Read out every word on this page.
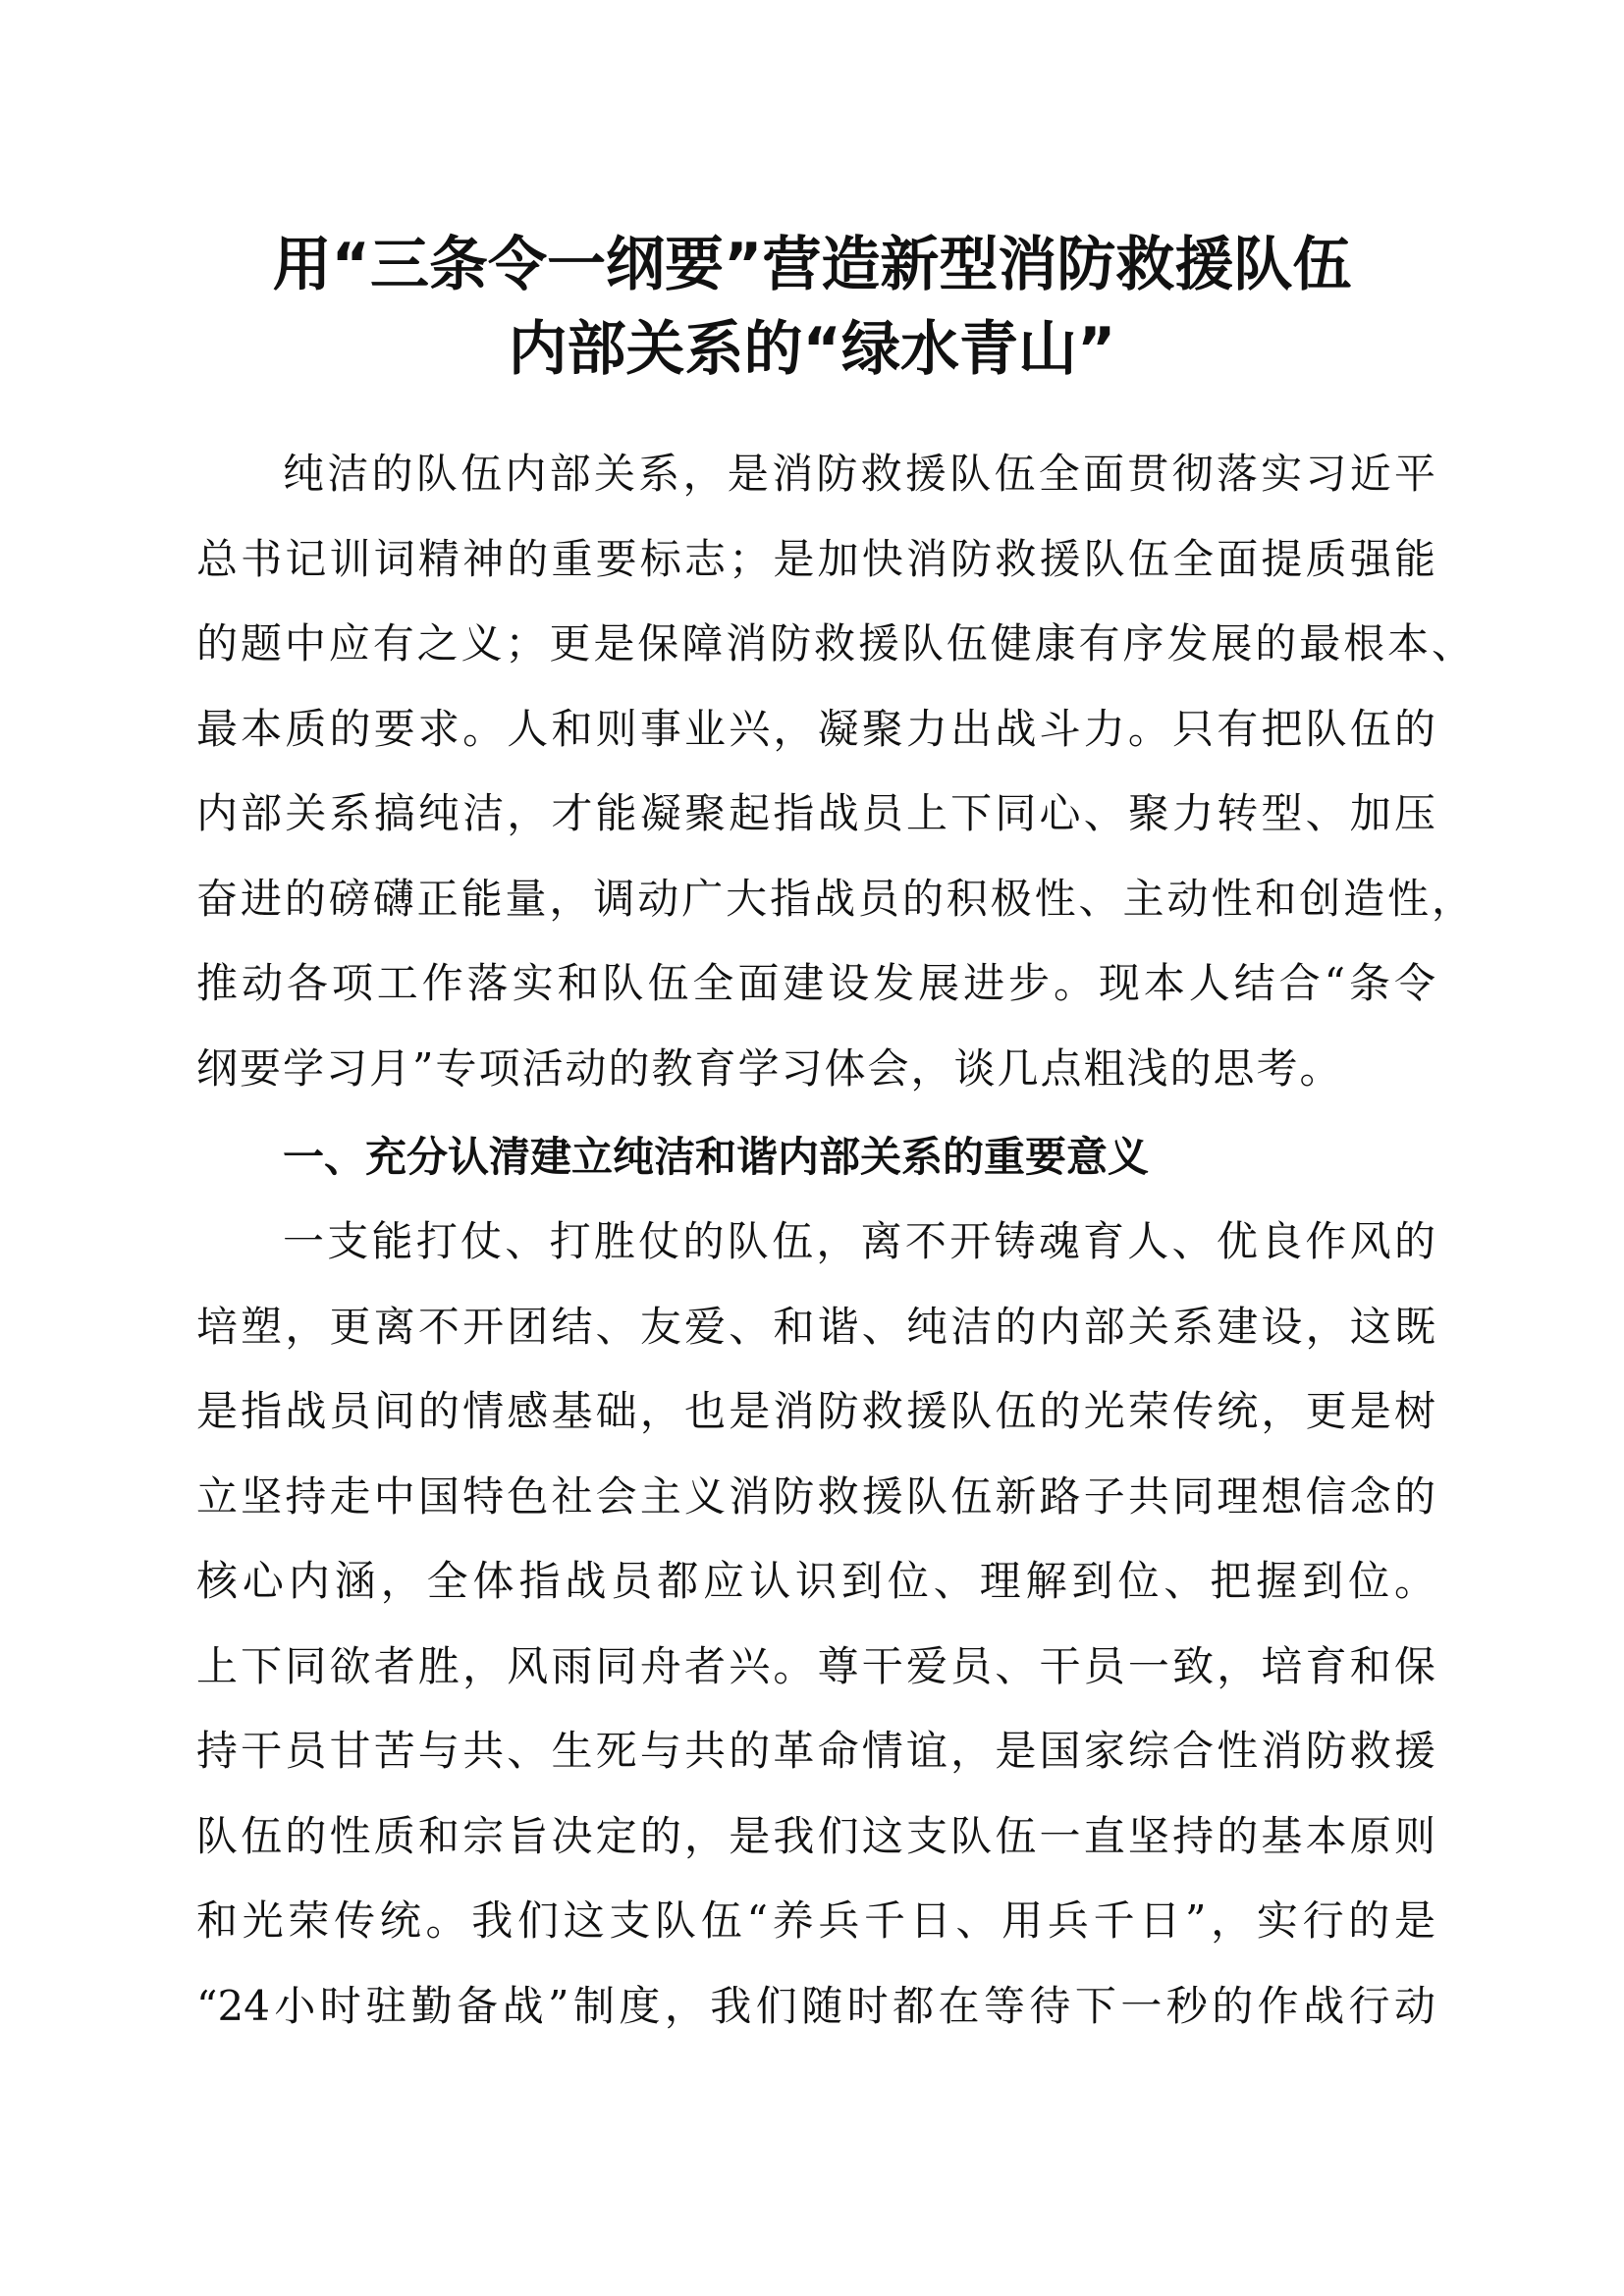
用“三条令一纲要”营造新型消防救援队伍
内部关系的“绿水青山”
纯洁的队伍内部关系，是消防救援队伍全面贯彻落实习近平
总书记训词精神的重要标志；是加快消防救援队伍全面提质强能
的题中应有之义；更是保障消防救援队伍健康有序发展的最根本、
最本质的要求。人和则事业兴，凝聚力出战斗力。只有把队伍的
内部关系搞纯洁，才能凝聚起指战员上下同心、聚力转型、加压
奋进的磅礴正能量，调动广大指战员的积极性、主动性和创造性，
推动各项工作落实和队伍全面建设发展进步。现本人结合“条令
纲要学习月”专项活动的教育学习体会，谈几点粗浅的思考。
一、充分认清建立纯洁和谐内部关系的重要意义
一支能打仗、打胜仗的队伍，离不开铸魂育人、优良作风的
培塑，更离不开团结、友爱、和谐、纯洁的内部关系建设，这既
是指战员间的情感基础，也是消防救援队伍的光荣传统，更是树
立坚持走中国特色社会主义消防救援队伍新路子共同理想信念的
核心内涵，全体指战员都应认识到位、理解到位、把握到位。
上下同欲者胜，风雨同舟者兴。尊干爱员、干员一致，培育和保
持干员甘苦与共、生死与共的革命情谊，是国家综合性消防救援
队伍的性质和宗旨决定的，是我们这支队伍一直坚持的基本原则
和光荣传统。我们这支队伍“养兵千日、用兵千日”，实行的是
“24小时驻勤备战”制度，我们随时都在等待下一秒的作战行动
